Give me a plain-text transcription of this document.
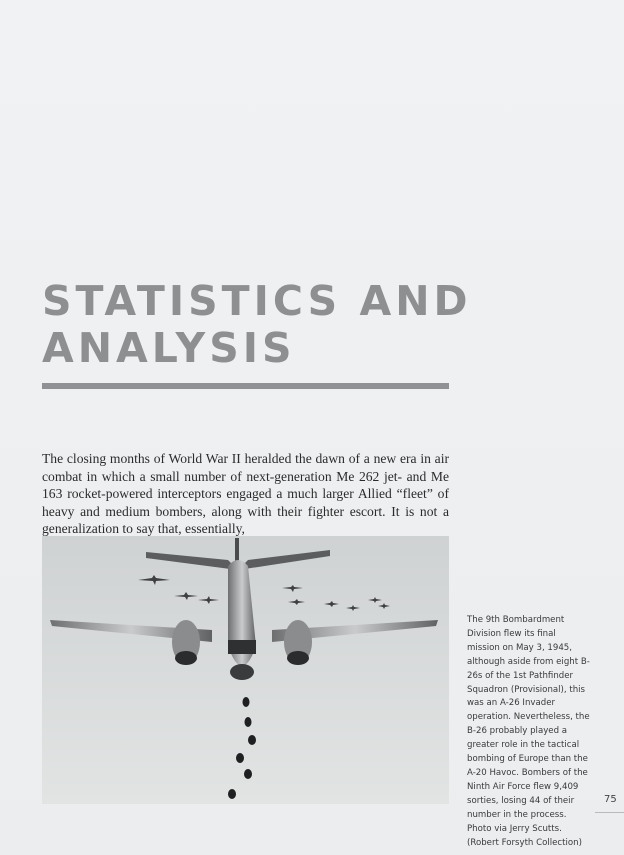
STATISTICS AND
ANALYSIS

The closing months of World War II heralded the dawn of a new era in air combat in which a small number of next-generation Me 262 jet- and Me 163 rocket-powered interceptors engaged a much larger Allied “fleet” of heavy and medium bombers, along with their fighter escort. It is not a generalization to say that, essentially,

The 9th Bombardment Division flew its final mission on May 3, 1945, although aside from eight B-26s of the 1st Pathfinder Squadron (Provisional), this was an A-26 Invader operation. Nevertheless, the B-26 probably played a greater role in the tactical bombing of Europe than the A-20 Havoc. Bombers of the Ninth Air Force flew 9,409 sorties, losing 44 of their number in the process. Photo via Jerry Scutts. (Robert Forsyth Collection)

75
